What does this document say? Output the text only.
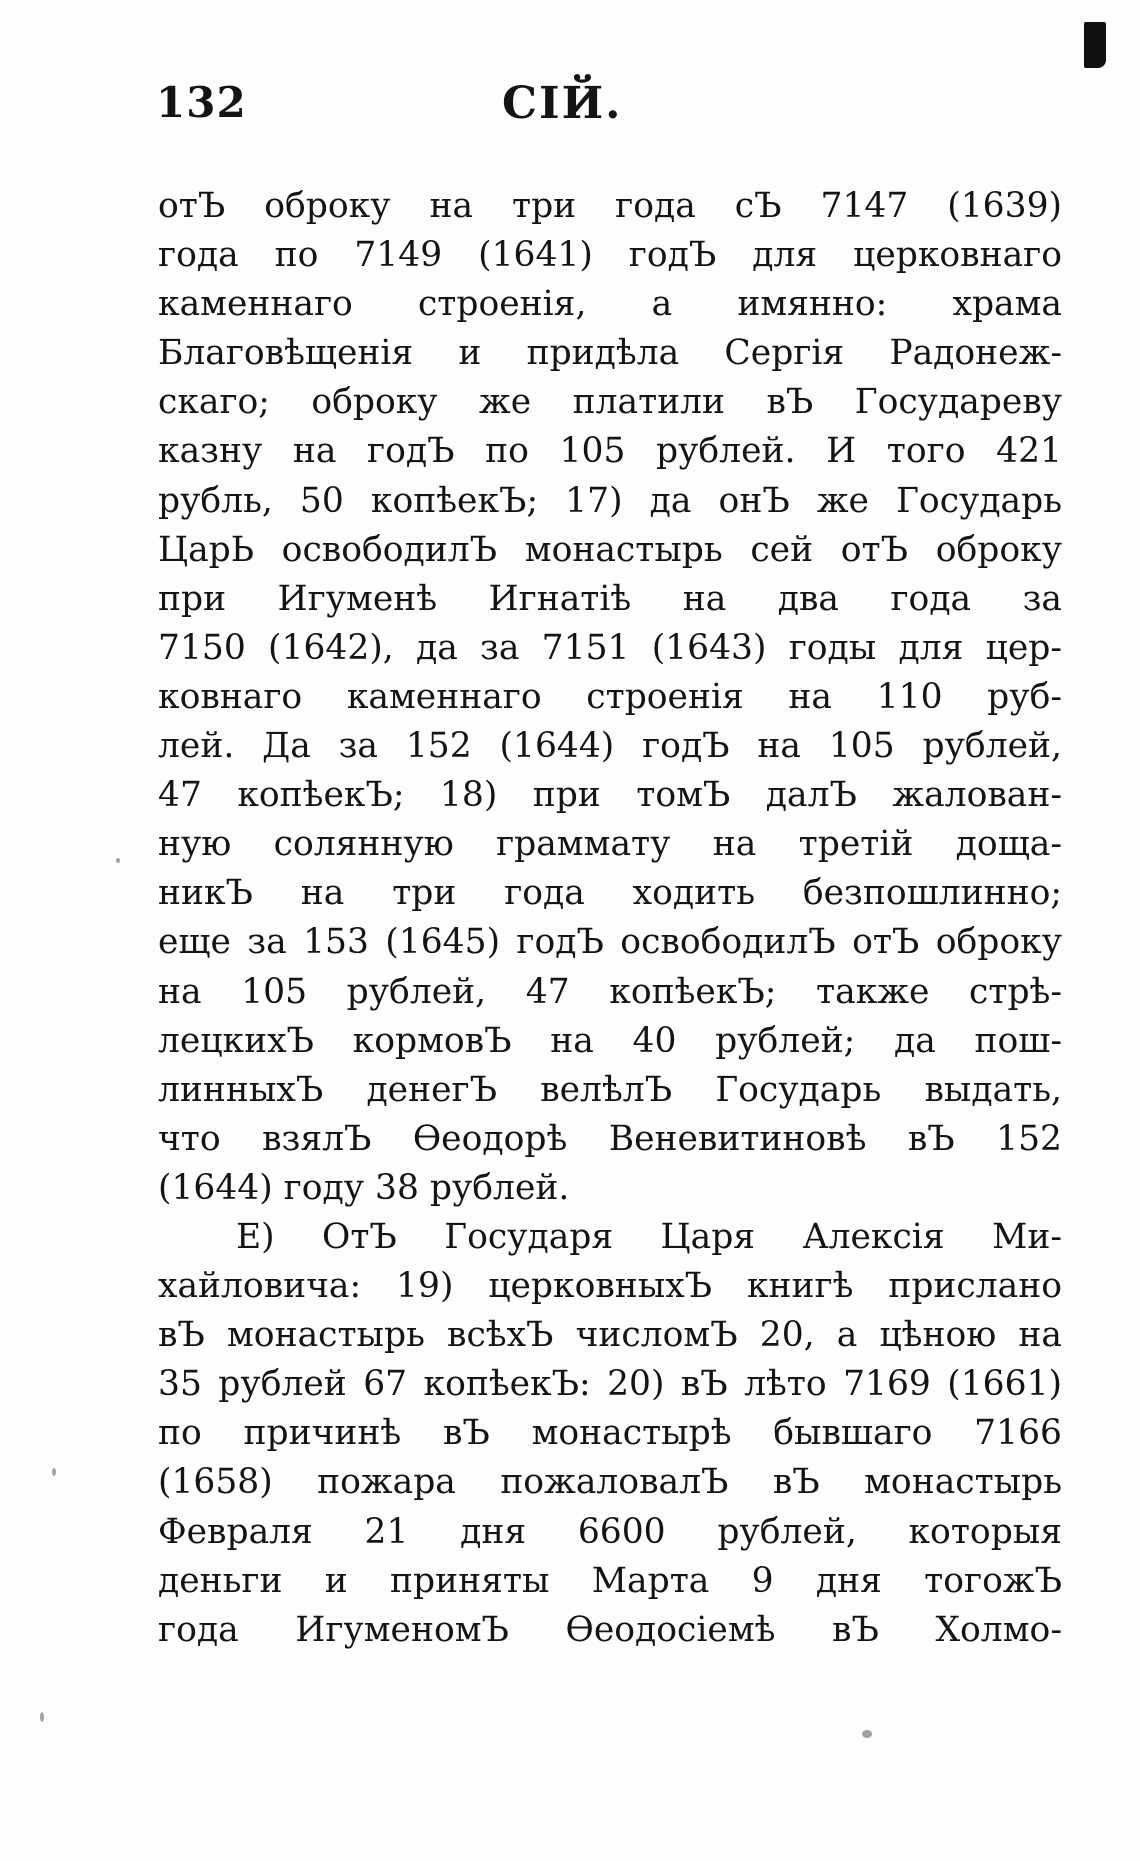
132	СІЙ.
отЪ оброку на три года сЪ 7147 (1639)
года по 7149 (1641) годЪ для церковнаго
каменнаго строенія, а имянно: храма
Благовѣщенія и придѣла Сергія Радонеж-
скаго; оброку же платили вЪ Государеву
казну на годЪ по 105 рублей. И того 421
рубль, 50 копѣекЪ; 17) да онЪ же Государь
ЦарЬ освободилЪ монастырь сей отЪ оброку
при Игуменѣ Игнатіѣ на два года за
7150 (1642), да за 7151 (1643) годы для цер-
ковнаго каменнаго строенія на 110 руб-
лей. Да за 152 (1644) годЪ на 105 рублей,
47 копѣекЪ; 18) при томЪ далЪ жалован-
ную солянную граммату на третій доща-
никЪ на три года ходить безпошлинно;
еще за 153 (1645) годЪ освободилЪ отЪ оброку
на 105 рублей, 47 копѣекЪ; также стрѣ-
лецкихЪ кормовЪ на 40 рублей; да пош-
линныхЪ денегЪ велѣлЪ Государь выдать,
что взялЪ Өеодорѣ Веневитиновѣ вЪ 152
(1644) году 38 рублей.
Е) ОтЪ Государя Царя Алексія Ми-
хайловича: 19) церковныхЪ книгѣ прислано
вЪ монастырь всѣхЪ числомЪ 20, а цѣною на
35 рублей 67 копѣекЪ: 20) вЪ лѣто 7169 (1661)
по причинѣ вЪ монастырѣ бывшаго 7166
(1658) пожара пожаловалЪ вЪ монастырь
Февраля 21 дня 6600 рублей, которыя
деньги и приняты Марта 9 дня тогожЪ
года ИгуменомЪ Өеодосіемѣ вЪ Холмо-
